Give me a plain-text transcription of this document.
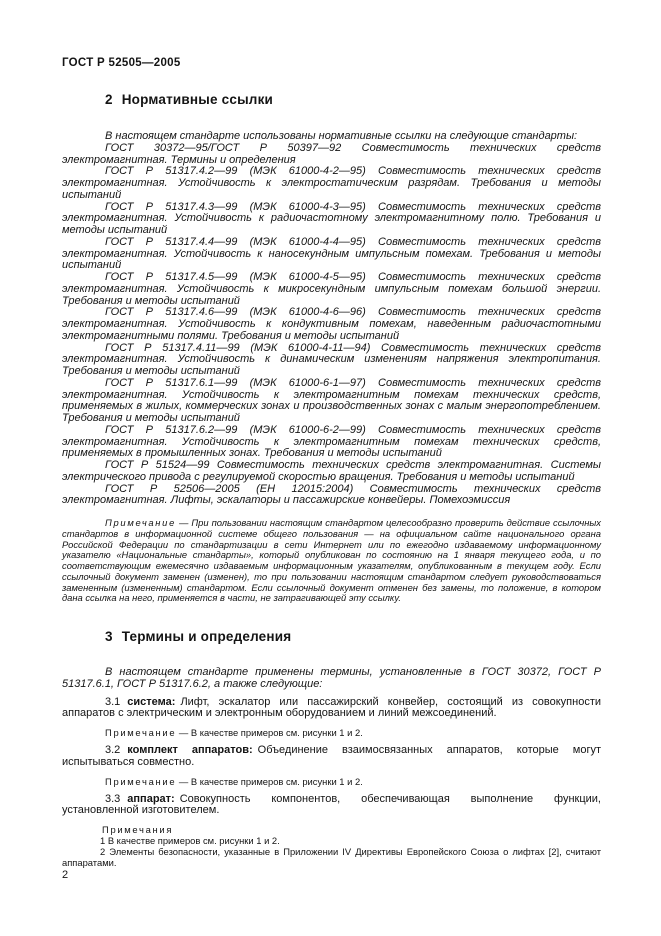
ГОСТ Р 52505—2005
2 Нормативные ссылки

В настоящем стандарте использованы нормативные ссылки на следующие стандарты:

ГОСТ 30372—95/ГОСТ Р 50397—92 Совместимость технических средств электромагнитная. Термины и определения

ГОСТ Р 51317.4.2—99 (МЭК 61000-4-2—95) Совместимость технических средств электромагнитная. Устойчивость к электростатическим разрядам. Требования и методы испытаний

ГОСТ Р 51317.4.3—99 (МЭК 61000-4-3—95) Совместимость технических средств электромагнитная. Устойчивость к радиочастотному электромагнитному полю. Требования и методы испытаний

ГОСТ Р 51317.4.4—99 (МЭК 61000-4-4—95) Совместимость технических средств электромагнитная. Устойчивость к наносекундным импульсным помехам. Требования и методы испытаний

ГОСТ Р 51317.4.5—99 (МЭК 61000-4-5—95) Совместимость технических средств электромагнитная. Устойчивость к микросекундным импульсным помехам большой энергии. Требования и методы испытаний

ГОСТ Р 51317.4.6—99 (МЭК 61000-4-6—96) Совместимость технических средств электромагнитная. Устойчивость к кондуктивным помехам, наведенным радиочастотными электромагнитными полями. Требования и методы испытаний

ГОСТ Р 51317.4.11—99 (МЭК 61000-4-11—94) Совместимость технических средств электромагнитная. Устойчивость к динамическим изменениям напряжения электропитания. Требования и методы испытаний

ГОСТ Р 51317.6.1—99 (МЭК 61000-6-1—97) Совместимость технических средств электромагнитная. Устойчивость к электромагнитным помехам технических средств, применяемых в жилых, коммерческих зонах и производственных зонах с малым энергопотреблением. Требования и методы испытаний

ГОСТ Р 51317.6.2—99 (МЭК 61000-6-2—99) Совместимость технических средств электромагнитная. Устойчивость к электромагнитным помехам технических средств, применяемых в промышленных зонах. Требования и методы испытаний

ГОСТ Р 51524—99 Совместимость технических средств электромагнитная. Системы электрического привода с регулируемой скоростью вращения. Требования и методы испытаний

ГОСТ Р 52506—2005 (ЕН 12015:2004) Совместимость технических средств электромагнитная. Лифты, эскалаторы и пассажирские конвейеры. Помехоэмиссия

Примечание — При пользовании настоящим стандартом целесообразно проверить действие ссылочных стандартов в информационной системе общего пользования — на официальном сайте национального органа Российской Федерации по стандартизации в сети Интернет или по ежегодно издаваемому информационному указателю «Национальные стандарты», который опубликован по состоянию на 1 января текущего года, и по соответствующим ежемесячно издаваемым информационным указателям, опубликованным в текущем году. Если ссылочный документ заменен (изменен), то при пользовании настоящим стандартом следует руководствоваться замененным (измененным) стандартом. Если ссылочный документ отменен без замены, то положение, в котором дана ссылка на него, применяется в части, не затрагивающей эту ссылку.

3 Термины и определения

В настоящем стандарте применены термины, установленные в ГОСТ 30372, ГОСТ Р 51317.6.1, ГОСТ Р 51317.6.2, а также следующие:

3.1 система: Лифт, эскалатор или пассажирский конвейер, состоящий из совокупности аппаратов с электрическим и электронным оборудованием и линий межсоединений.

Примечание — В качестве примеров см. рисунки 1 и 2.

3.2 комплект аппаратов: Объединение взаимосвязанных аппаратов, которые могут испытываться совместно.

Примечание — В качестве примеров см. рисунки 1 и 2.

3.3 аппарат: Совокупность компонентов, обеспечивающая выполнение функции, установленной изготовителем.

Примечания

1 В качестве примеров см. рисунки 1 и 2.

2 Элементы безопасности, указанные в Приложении IV Директивы Европейского Союза о лифтах [2], считают аппаратами.

2
